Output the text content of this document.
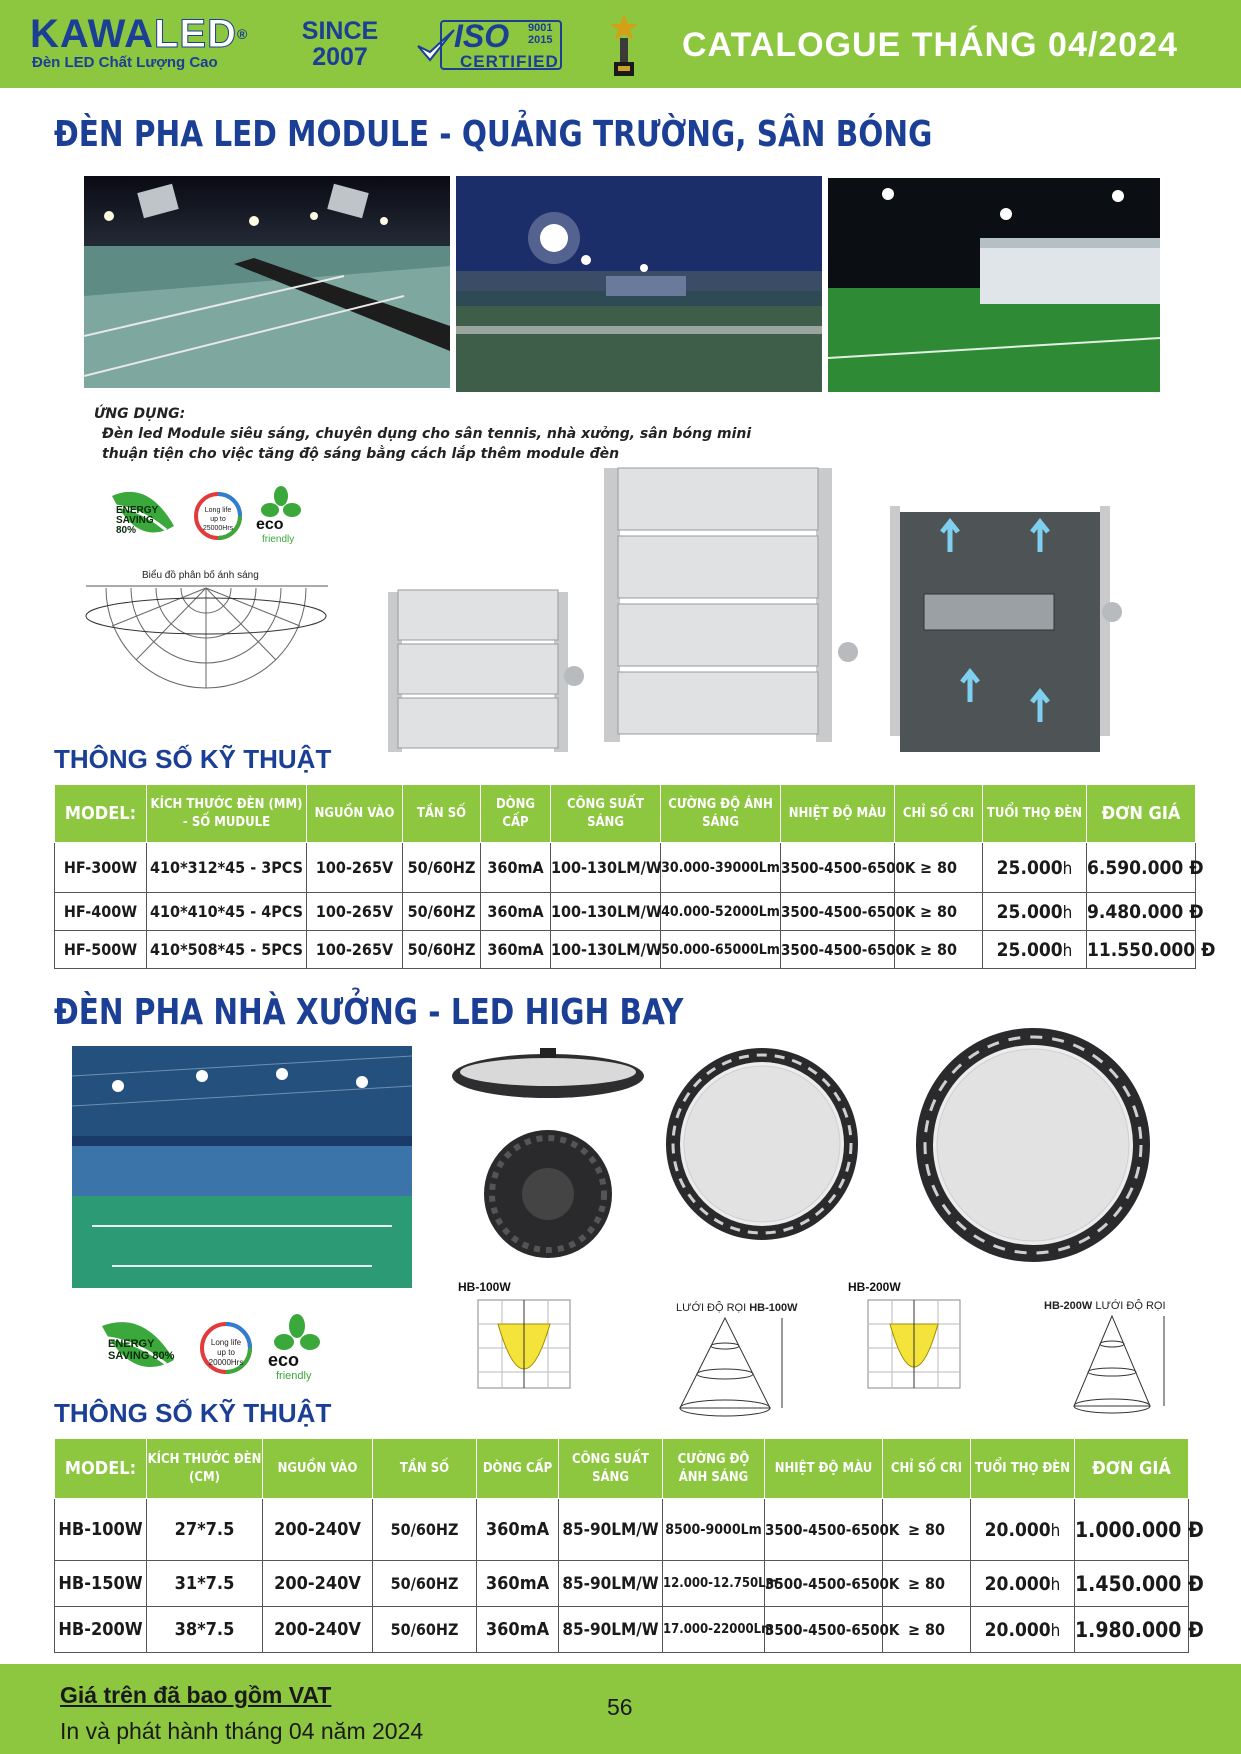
KAWALED®
Đèn LED Chất Lượng Cao
SINCE
2007
ISO 9001
2015
CERTIFIED	CATALOGUE THÁNG 04/2024
ĐÈN PHA LED MODULE - QUẢNG TRƯỜNG, SÂN BÓNG
ỨNG DỤNG:
Đèn led Module siêu sáng, chuyên dụng cho sân tennis, nhà xưởng, sân bóng mini
thuận tiện cho việc tăng độ sáng bằng cách lắp thêm module đèn
ENERGY SAVING 80%
Long life up to 25000Hrs eco
friendly
Biểu đồ phân bố ánh sáng
THÔNG SỐ KỸ THUẬT
MODEL:	KÍCH THƯỚC ĐÈN (MM) - SỐ MUDULE	NGUỒN VÀO	TẦN SỐ	DÒNG CẤP	CÔNG SUẤT SÁNG	CƯỜNG ĐỘ ÁNH SÁNG	NHIỆT ĐỘ MÀU	CHỈ SỐ CRI	TUỔI THỌ ĐÈN	ĐƠN GIÁ
HF-300W	410*312*45 - 3PCS	100-265V	50/60HZ	360mA	100-130LM/W	30.000-39000Lm	3500-4500-6500K	≥ 80	25.000h	6.590.000 Đ
HF-400W	410*410*45 - 4PCS	100-265V	50/60HZ	360mA	100-130LM/W	40.000-52000Lm	3500-4500-6500K	≥ 80	25.000h	9.480.000 Đ
HF-500W	410*508*45 - 5PCS	100-265V	50/60HZ	360mA	100-130LM/W	50.000-65000Lm	3500-4500-6500K	≥ 80	25.000h	11.550.000 Đ
ĐÈN PHA NHÀ XƯỞNG - LED HIGH BAY
ENERGY SAVING 80%
Long life up to 20000Hrs eco
friendly
HB-100W	HB-200W
LƯỚI ĐỘ RỌI HB-100W	HB-200W LƯỚI ĐỘ RỌI
THÔNG SỐ KỸ THUẬT
MODEL:	KÍCH THƯỚC ĐÈN (CM)	NGUỒN VÀO	TẦN SỐ	DÒNG CẤP	CÔNG SUẤT SÁNG	CƯỜNG ĐỘ ÁNH SÁNG	NHIỆT ĐỘ MÀU	CHỈ SỐ CRI	TUỔI THỌ ĐÈN	ĐƠN GIÁ
HB-100W	27*7.5	200-240V	50/60HZ	360mA	85-90LM/W	8500-9000Lm	3500-4500-6500K	≥ 80	20.000h	1.000.000 Đ
HB-150W	31*7.5	200-240V	50/60HZ	360mA	85-90LM/W	12.000-12.750Lm	3500-4500-6500K	≥ 80	20.000h	1.450.000 Đ
HB-200W	38*7.5	200-240V	50/60HZ	360mA	85-90LM/W	17.000-22000Lm	3500-4500-6500K	≥ 80	20.000h	1.980.000 Đ
Giá trên đã bao gồm VAT
In và phát hành tháng 04 năm 2024
56
